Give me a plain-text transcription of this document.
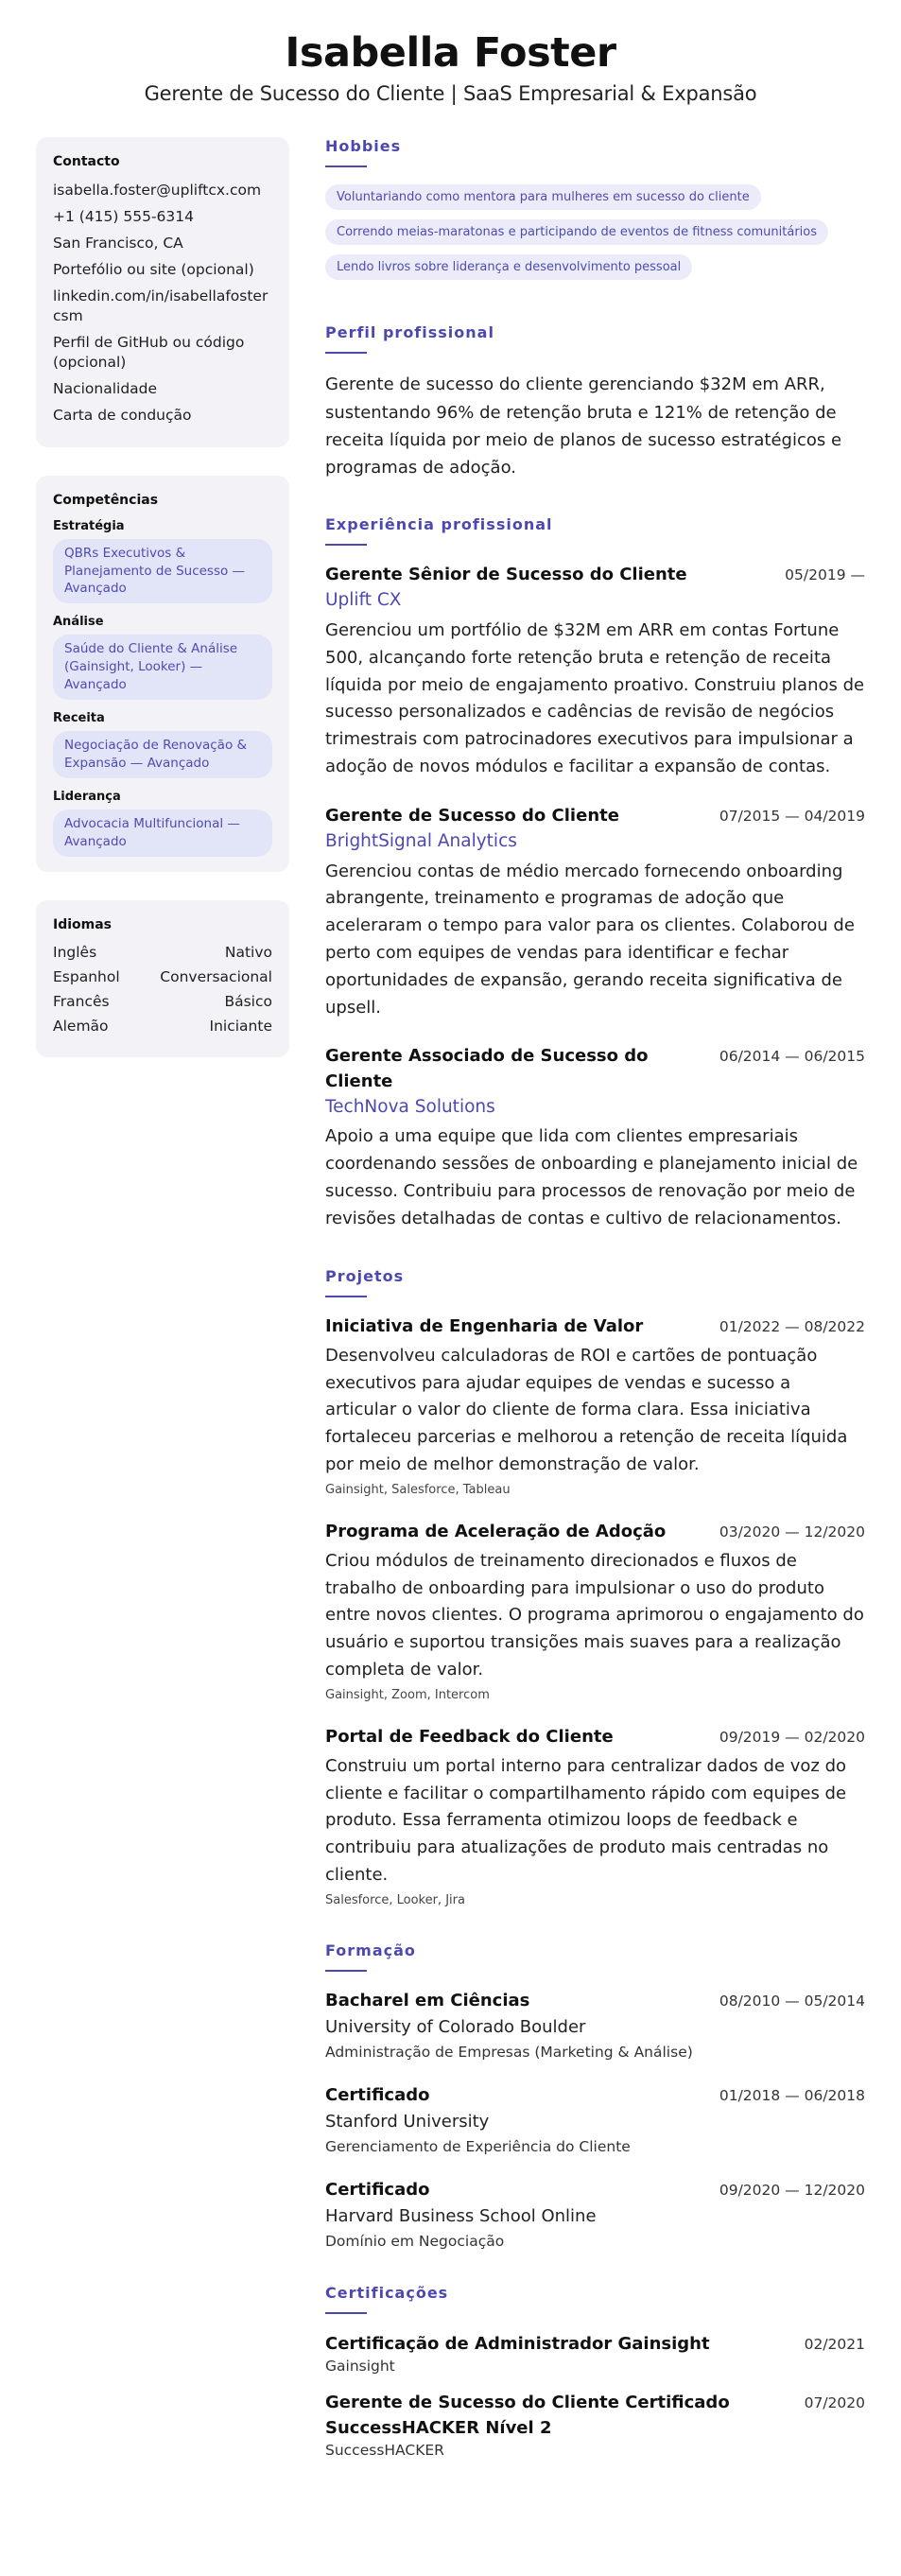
Isabella Foster
Gerente de Sucesso do Cliente | SaaS Empresarial & Expansão
Contacto
isabella.foster@upliftcx.com
+1 (415) 555-6314
San Francisco, CA
Portefólio ou site (opcional)
linkedin.com/in/isabellafostercsm
Perfil de GitHub ou código (opcional)
Nacionalidade
Carta de condução
Competências
Estratégia
QBRs Executivos & Planejamento de Sucesso — Avançado
Análise
Saúde do Cliente & Análise (Gainsight, Looker) — Avançado
Receita
Negociação de Renovação & Expansão — Avançado
Liderança
Advocacia Multifuncional — Avançado
Idiomas
Inglês	Nativo
Espanhol	Conversacional
Francês	Básico
Alemão	Iniciante
Hobbies
Voluntariando como mentora para mulheres em sucesso do cliente
Correndo meias-maratonas e participando de eventos de fitness comunitários
Lendo livros sobre liderança e desenvolvimento pessoal
Perfil profissional

Gerente de sucesso do cliente gerenciando $32M em ARR, sustentando 96% de retenção bruta e 121% de retenção de receita líquida por meio de planos de sucesso estratégicos e programas de adoção.

Experiência profissional
Gerente Sênior de Sucesso do Cliente	05/2019 —
Uplift CX

Gerenciou um portfólio de $32M em ARR em contas Fortune 500, alcançando forte retenção bruta e retenção de receita líquida por meio de engajamento proativo. Construiu planos de sucesso personalizados e cadências de revisão de negócios trimestrais com patrocinadores executivos para impulsionar a adoção de novos módulos e facilitar a expansão de contas.

Gerente de Sucesso do Cliente	07/2015 — 04/2019
BrightSignal Analytics

Gerenciou contas de médio mercado fornecendo onboarding abrangente, treinamento e programas de adoção que aceleraram o tempo para valor para os clientes. Colaborou de perto com equipes de vendas para identificar e fechar oportunidades de expansão, gerando receita significativa de upsell.

Gerente Associado de Sucesso do Cliente
06/2014 — 06/2015
TechNova Solutions

Apoio a uma equipe que lida com clientes empresariais coordenando sessões de onboarding e planejamento inicial de sucesso. Contribuiu para processos de renovação por meio de revisões detalhadas de contas e cultivo de relacionamentos.

Projetos
Iniciativa de Engenharia de Valor	01/2022 — 08/2022

Desenvolveu calculadoras de ROI e cartões de pontuação executivos para ajudar equipes de vendas e sucesso a articular o valor do cliente de forma clara. Essa iniciativa fortaleceu parcerias e melhorou a retenção de receita líquida por meio de melhor demonstração de valor.

Gainsight, Salesforce, Tableau
Programa de Aceleração de Adoção	03/2020 — 12/2020

Criou módulos de treinamento direcionados e fluxos de trabalho de onboarding para impulsionar o uso do produto entre novos clientes. O programa aprimorou o engajamento do usuário e suportou transições mais suaves para a realização completa de valor.

Gainsight, Zoom, Intercom
Portal de Feedback do Cliente	09/2019 — 02/2020

Construiu um portal interno para centralizar dados de voz do cliente e facilitar o compartilhamento rápido com equipes de produto. Essa ferramenta otimizou loops de feedback e contribuiu para atualizações de produto mais centradas no cliente.

Salesforce, Looker, Jira
Formação
Bacharel em Ciências	08/2010 — 05/2014
University of Colorado Boulder
Administração de Empresas (Marketing & Análise)
Certificado	01/2018 — 06/2018
Stanford University
Gerenciamento de Experiência do Cliente
Certificado	09/2020 — 12/2020
Harvard Business School Online
Domínio em Negociação
Certificações
Certificação de Administrador Gainsight	02/2021
Gainsight
Gerente de Sucesso do Cliente Certificado SuccessHACKER Nível 2
07/2020
SuccessHACKER
